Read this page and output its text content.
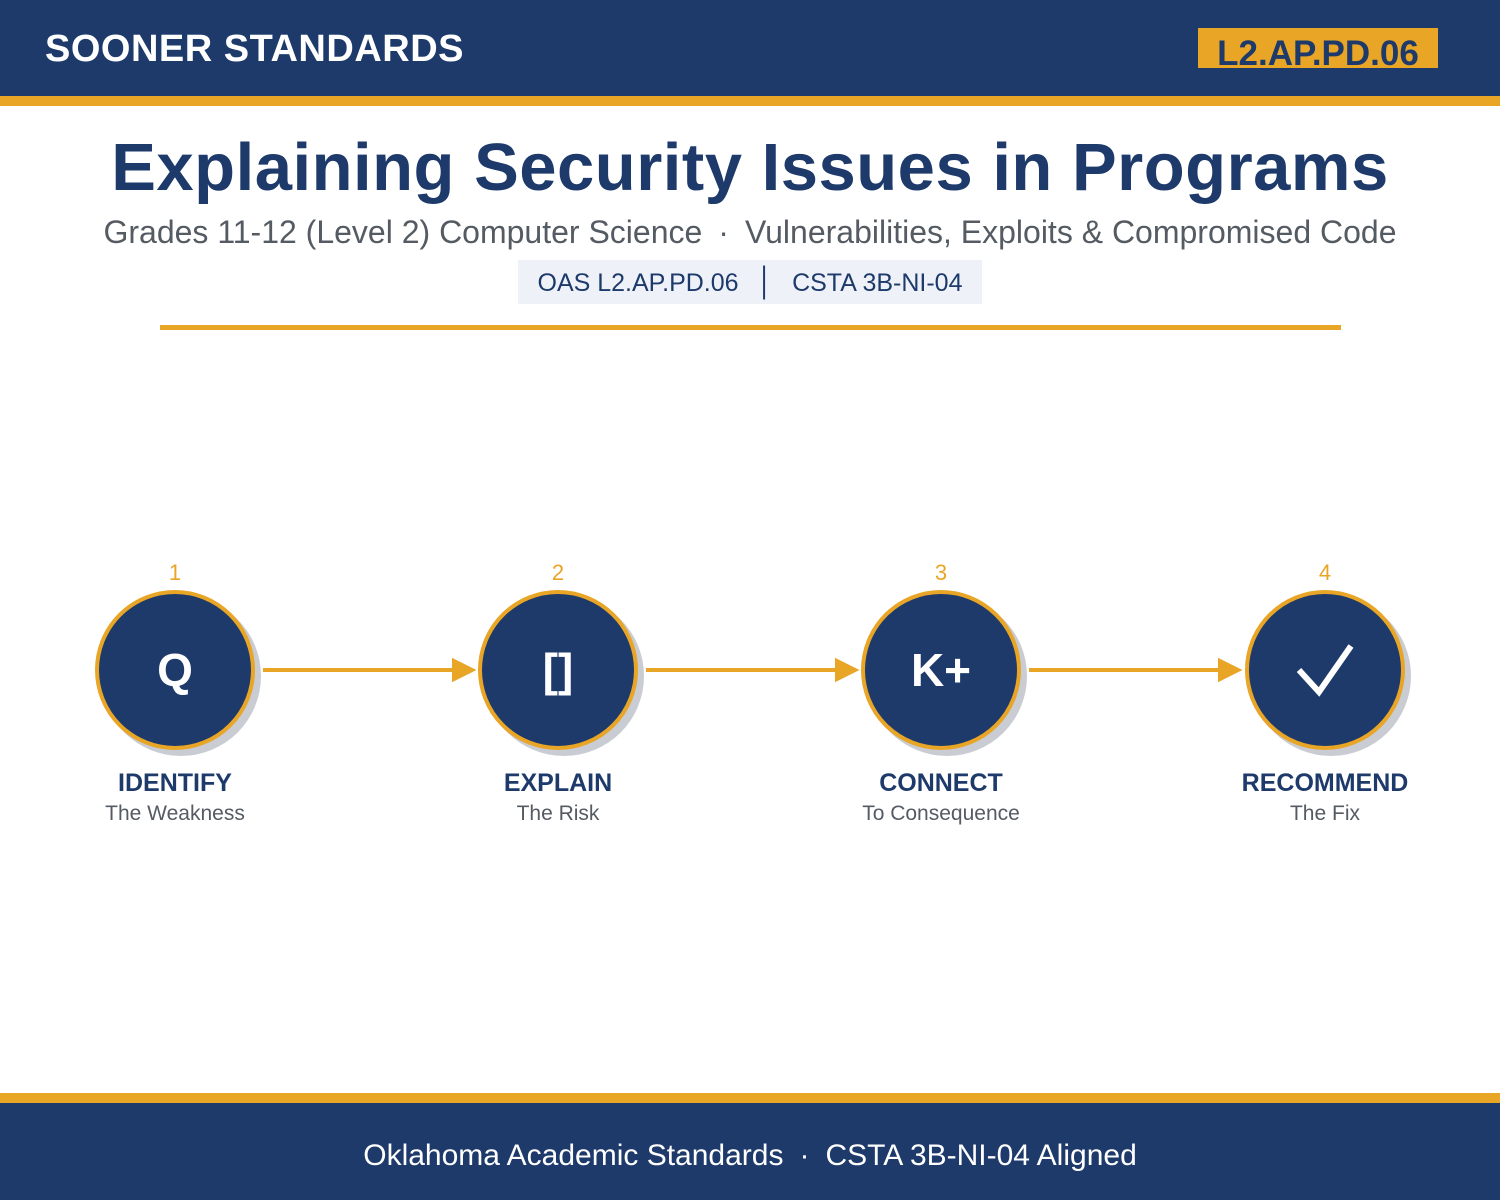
SOONER STANDARDS	L2.AP.PD.06
Explaining Security Issues in Programs
Grades 11-12 (Level 2) Computer Science · Vulnerabilities, Exploits & Compromised Code
OAS L2.AP.PD.06 │ CSTA 3B-NI-04
1
Q
IDENTIFY
The Weakness
2
[]
EXPLAIN
The Risk
3
K+
CONNECT
To Consequence
4
RECOMMEND
The Fix
Oklahoma Academic Standards · CSTA 3B-NI-04 Aligned
